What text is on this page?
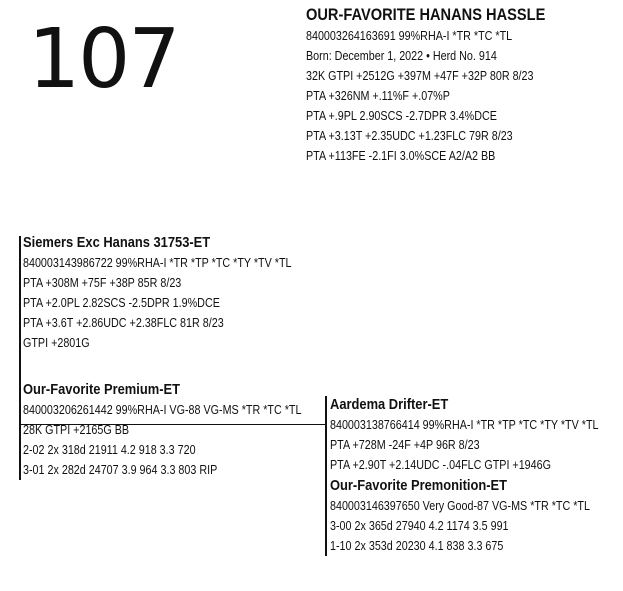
107	OUR-FAVORITE HANANS HASSLE
840003264163691 99%RHA-I *TR *TC *TL
Born: December 1, 2022 • Herd No. 914
32K GTPI +2512G +397M +47F +32P 80R 8/23
PTA +326NM +.11%F +.07%P
PTA +.9PL 2.90SCS -2.7DPR 3.4%DCE
PTA +3.13T +2.35UDC +1.23FLC 79R 8/23
PTA +113FE -2.1FI 3.0%SCE A2/A2 BB
Siemers Exc Hanans 31753-ET
840003143986722 99%RHA-I *TR *TP *TC *TY *TV *TL
PTA +308M +75F +38P 85R 8/23
PTA +2.0PL 2.82SCS -2.5DPR 1.9%DCE
PTA +3.6T +2.86UDC +2.38FLC 81R 8/23
GTPI +2801G
Our-Favorite Premium-ET
840003206261442 99%RHA-I VG-88 VG-MS *TR *TC *TL
28K GTPI +2165G BB
2-02 2x 318d 21911 4.2 918 3.3 720
3-01 2x 282d 24707 3.9 964 3.3 803 RIP
Aardema Drifter-ET
840003138766414 99%RHA-I *TR *TP *TC *TY *TV *TL
PTA +728M -24F +4P 96R 8/23
PTA +2.90T +2.14UDC -.04FLC GTPI +1946G
Our-Favorite Premonition-ET
840003146397650 Very Good-87 VG-MS *TR *TC *TL
3-00 2x 365d 27940 4.2 1174 3.5 991
1-10 2x 353d 20230 4.1 838 3.3 675
